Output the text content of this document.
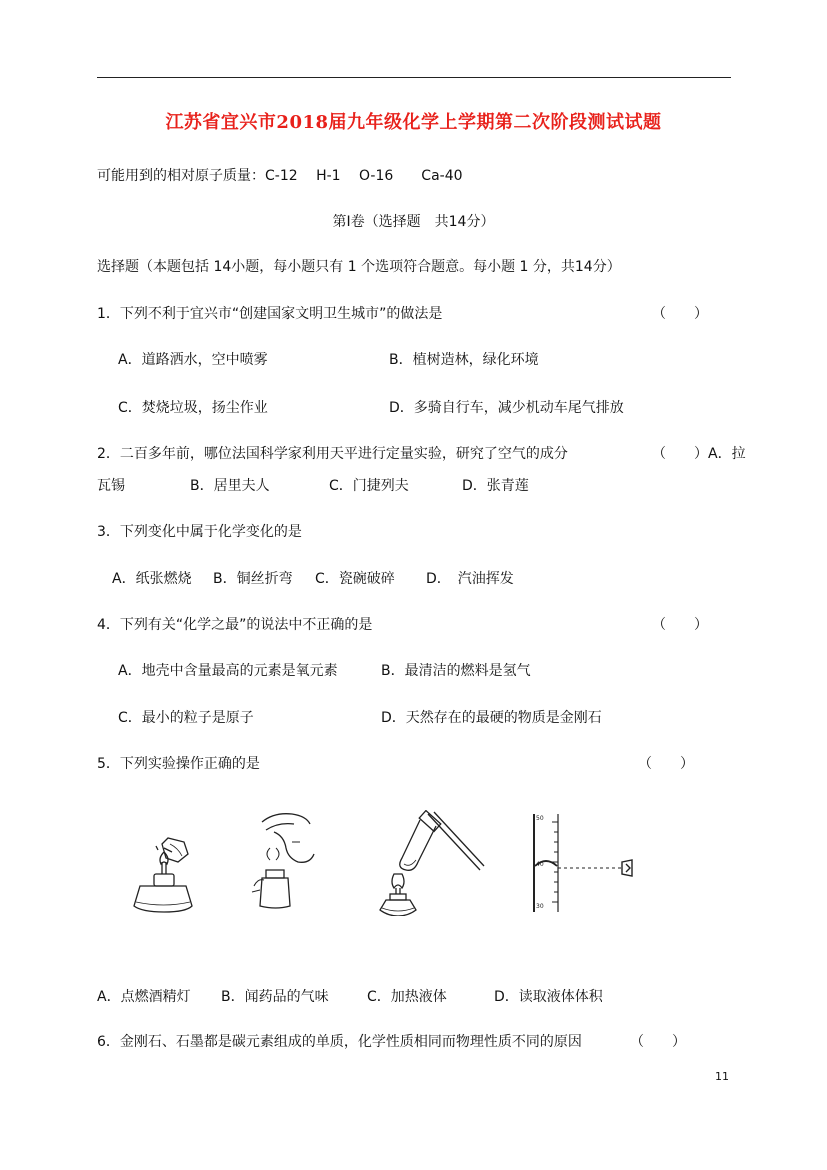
江苏省宜兴市2018届九年级化学上学期第二次阶段测试试题
可能用到的相对原子质量：C-12　 H-1　 O-16　　Ca-40
第Ⅰ卷（选择题　共14分）
选择题（本题包括 14小题，每小题只有 1 个选项符合题意。每小题 1 分，共14分）
1．下列不利于宜兴市“创建国家文明卫生城市”的做法是	（　　）
A．道路洒水，空中喷雾	B．植树造林，绿化环境
C．焚烧垃圾，扬尘作业	D．多骑自行车，减少机动车尾气排放
2．二百多年前，哪位法国科学家利用天平进行定量实验，研究了空气的成分	（　　）A．拉
瓦锡	B．居里夫人	C．门捷列夫	D．张青莲
3．下列变化中属于化学变化的是
A．纸张燃烧 B．铜丝折弯 C．瓷碗破碎 D．　汽油挥发
4．下列有关“化学之最”的说法中不正确的是	（　　）
A．地壳中含量最高的元素是氧元素	B．最清洁的燃料是氢气
C．最小的粒子是原子	D．天然存在的最硬的物质是金刚石
5．下列实验操作正确的是	（　　）
50
40
30
A．点燃酒精灯 B．闻药品的气味	C．加热液体	D．读取液体体积
6．金刚石、石墨都是碳元素组成的单质，化学性质相同而物理性质不同的原因	（　　）
11
